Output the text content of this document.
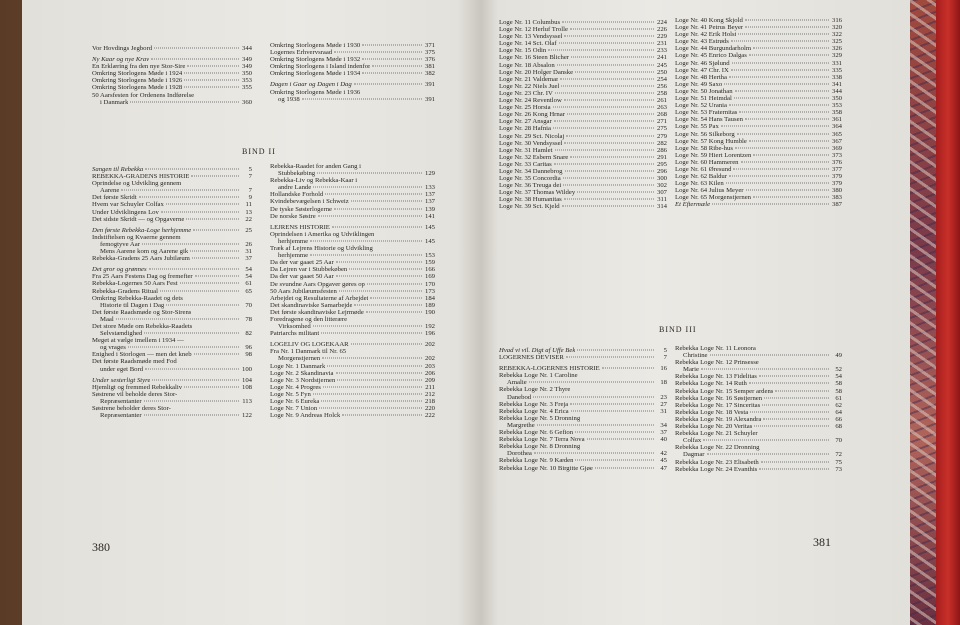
Vor Hovdings Jegbord	344
Ny Kaar og nye Krav	349
En Erklæring fra den nye Stor-Sire	349
Omkring Storlogens Møde i 1924	350
Omkring Storlogens Møde i 1926	353
Omkring Storlogens Møde i 1928	355
50 Aarsfesten for Ordenens Indførelse
i Danmark	360
Omkring Storlogens Møde i 1930	371
Logernes Erhvervsraad	375
Omkring Storlogens Møde i 1932	376
Omkring Storlogens i Island indenfor	381
Omkring Storlogens Møde i 1934	382
Dagen i Gaar og Dagen i Dag	391
Omkring Storlogens Møde i 1936
og 1938	391
BIND II
Sangen til Rebekka	5
REBEKKA-GRADENS HISTORIE	7
Oprindelse og Udvikling gennem
Aarene	7
Det første Skridt	9
Hvem var Schuyler Colfax	11
Under Udviklingens Lov	13
Det sidste Skridt — og Opgaverne	22
Den første Rebekka-Loge herhjemme	25
Indstiftelsen og Kvaerne gennem
femogtyve Aar	26
Mens Aarene kom og Aarene gik	31
Rebekka-Gradens 25 Aars Jubilæum	37
Det gror og grønnes	54
Fra 25 Aars Festens Dag og fremefter	54
Rebekka-Logernes 50 Aars Fest	61
Rebekka-Gradens Ritual	65
Omkring Rebekka-Raadet og dets
Historie til Dagen i Dag	70
Det første Raadsmøde og Stor-Sirens
Maal	78
Det store Møde om Rebekka-Raadets
Selvstændighed	82
Meget at vælge imellem i 1934 —
og vrages	96
Enighed i Storlogen — men det kneb	98
Det første Raadsmøde med Fod
under eget Bord	100
Under sesterligt Styre	104
Hjemligt og fremmed Rebekkaliv	108
Søstrene vil beholde deres Stor-
Repræsentanter	113
Søstrene beholder deres Stor-
Repræsentanter	122
Rebekka-Raadet for anden Gang i
Stubbekøbing	129
Rebekka-Liv og Rebekka-Kaar i
andre Lande	133
Hollandske Forhold	137
Kvindebevægelsen i Schweiz	137
De tyske Søsterlogerne	139
De norske Søstre	141
LEJRENS HISTORIE	145
Oprindelsen i Amerika og Udviklingen
herhjemme	145
Træk af Lejrens Historie og Udvikling
herhjemme	153
Da der var gaaet 25 Aar	159
Da Lejren var i Stubbekøben	166
Da der var gaaet 50 Aar	169
De svundne Aars Opgaver gøres op	170
50 Aars Jubilæumsfesten	173
Arbejdet og Resultaterne af Arbejdet	184
Det skandinaviske Samarbejde	189
Det første skandinaviske Lejrmøde	190
Foredragene og den litterære
Virksomhed	192
Patriarchs militant	196
LOGELIV OG LOGEKAAR	202
Fra Nr. 1 Danmark til Nr. 65
Morgenstjernen	202
Loge Nr. 1 Danmark	203
Loge Nr. 2 Skandinavia	206
Loge Nr. 3 Nordstjernen	209
Loge Nr. 4 Progres	211
Loge Nr. 5 Fyn	212
Loge Nr. 6 Eureka	218
Loge Nr. 7 Union	220
Loge Nr. 9 Andreas Holck	222
380
Loge Nr. 11 Columbus	224
Loge Nr. 12 Herluf Trolle	226
Loge Nr. 13 Vendsyssel	229
Loge Nr. 14 Sct. Olaf	231
Loge Nr. 15 Odin	233
Loge Nr. 16 Steen Blicher	241
Loge Nr. 18 Absalon	245
Loge Nr. 20 Holger Danske	250
Loge Nr. 21 Valdemar	254
Loge Nr. 22 Niels Juel	256
Loge Nr. 23 Chr. IV	258
Loge Nr. 24 Reventlow	261
Loge Nr. 25 Horsia	263
Loge Nr. 26 Kong Hrnar	268
Loge Nr. 27 Ansgar	271
Loge Nr. 28 Hafnia	275
Loge Nr. 29 Sct. Nicolaj	279
Loge Nr. 30 Vendsyssel	282
Loge Nr. 31 Hamlet	286
Loge Nr. 32 Esbern Snare	291
Loge Nr. 33 Caritas	295
Loge Nr. 34 Dannebrog	296
Loge Nr. 35 Concordia	300
Loge Nr. 36 Treuga dei	302
Loge Nr. 37 Thomas Wildey	307
Loge Nr. 38 Humanitas	311
Loge Nr. 39 Sct. Kjeld	314
Loge Nr. 40 Kong Skjold	316
Loge Nr. 41 Petrus Beyer	320
Loge Nr. 42 Erik Holst	322
Loge Nr. 43 Estrøds	325
Loge Nr. 44 Burgundarholm	326
Loge Nr. 45 Enrico Dalgas	329
Loge Nr. 46 Sjølund	331
Loge Nr. 47 Chr. IX	335
Loge Nr. 48 Hertha	338
Loge Nr. 49 Saxo	341
Loge Nr. 50 Jonathan	344
Loge Nr. 51 Heimdal	350
Loge Nr. 52 Urania	353
Loge Nr. 53 Fraternitas	358
Loge Nr. 54 Hans Tausen	361
Loge Nr. 55 Pax	364
Loge Nr. 56 Silkeborg	365
Loge Nr. 57 Kong Humble	367
Loge Nr. 58 Ribe-hus	369
Loge Nr. 59 Hiert Lorentzen	373
Loge Nr. 60 Hammeren	376
Loge Nr. 61 Øresund	377
Loge Nr. 62 Baldur	379
Loge Nr. 63 Kilen	379
Loge Nr. 64 Julius Meyer	380
Loge Nr. 65 Morgenstjernen	383
Et Eftermæle	387
BIND III
Hvad vi vil. Digt af Uffe Bek	5
LOGERNES DEVISER	7
REBEKKA-LOGERNES HISTORIE	16
Rebekka Loge Nr. 1 Caroline
Amalie	18
Rebekka Loge Nr. 2 Thyre
Danebod	23
Rebekka Loge Nr. 3 Freja	27
Rebekka Loge Nr. 4 Erica	31
Rebekka Loge Nr. 5 Dronning
Margrethe	34
Rebekka Loge Nr. 6 Gefion	37
Rebekka Loge Nr. 7 Terra Nova	40
Rebekka Loge Nr. 8 Dronning
Dorothea	42
Rebekka Loge Nr. 9 Kæden	45
Rebekka Loge Nr. 10 Birgitte Gjøe	47
Rebekka Loge Nr. 11 Leonora
Christine	49
Rebekka Loge Nr. 12 Prinsesse
Marie	52
Rebekka Loge Nr. 13 Fidelitas	54
Rebekka Loge Nr. 14 Ruth	58
Rebekka Loge Nr. 15 Semper ardens	58
Rebekka Loge Nr. 16 Søstjernen	61
Rebekka Loge Nr. 17 Sinceritas	62
Rebekka Loge Nr. 18 Vesta	64
Rebekka Loge Nr. 19 Alexandra	66
Rebekka Loge Nr. 20 Veritas	68
Rebekka Loge Nr. 21 Schuyler
Colfax	70
Rebekka Loge Nr. 22 Dronning
Dagmar	72
Rebekka Loge Nr. 23 Elisabeth	75
Rebekka Loge Nr. 24 Evanthis	73
381
